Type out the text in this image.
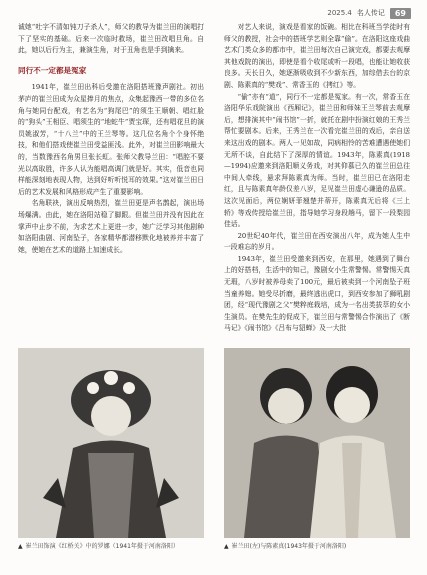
2025.4 名人传记	69

诚她“吐字不清如钝刀子杀人”，师父的教导为崔兰田的演唱打下了坚实的基础。后来一次临时救场，崔兰田改唱旦角。自此，她以后行为主，兼演生角，对于丑角也是手到擒来。

同行不一定都是冤家

1941年，崔兰田出科后受邀在洛阳搭班豫声剧社。初出茅庐的崔兰田成为众星捧月的焦点，众集起豫西一带的多位名角与她同台配戏，有艺名为“狗尾巴”的须生王顺朝、唱红脸的“狗头”王相臣、唱须生的“地蛇牛”贾宝琛，还有唱花旦的演员姚淑芳，“十八兰”中的王兰琴等。这几位名角个个身怀绝技，和他们搭戏使崔兰田受益匪浅。此外，对崔兰田影响最大的，当数豫西名角男旦张长虹。张师父教导兰田：“唱腔不要光以高取胜，许多人认为能唱高调门就是好。其实，低音也同样能深刻地表现人物，达到好听听悦耳的效果。”这对崔兰田日后的艺术发展和风格形成产生了重要影响。

名角联袂，演出反响热烈，崔兰田更是声名鹊起，演出场场爆满。由此，她在洛阳站稳了脚跟。但崔兰田并没有因此在掌声中止步不前，为求艺术上更进一步，她广泛学习其他剧种如洛阳曲剧、河南坠子，各家精华都潜移默化地被养并丰富了她，使她在艺术的道路上加速成长。

对艺人来说，演戏是看家的饭碗。相比在科班当学徒时有师父的教授，社会中的搭班学艺则全靠“偷”。在洛阳这座戏曲艺术门类众多的都市中，崔兰田每次自己演完戏，都要去观摩其他戏院的演出，即使是看个收尾或听一段唱，也能让她收获良多。天长日久，她逐渐吸收到不少新东西，加综借去台的京剧、陈素真的“樊戏”、常香玉的《拷红》等。

“偷”亦有“道”，同行不一定都是冤家。有一次，常香玉在洛阳华乐戏院演出《西厢记》，崔兰田和师妹王兰琴前去观摩后，想排演其中“闹书馆”一折，就托在剧中扮演红娘的王秀兰帮忙要剧本。后来，王秀兰在一次看完崔兰田的戏后，亲自送来这出戏的剧本。两人一见如故，同病相怜的苦难遭遇使她们无所不谈，自此结下了深厚的情谊。1943年，陈素真(1918—1994)应邀来到洛阳顺义务戏，对其仰慕已久的崔兰田总往中间人牵线，悬求拜陈素真为师。当时，崔兰田已在洛阳走红，且与陈素真年龄仅差八岁，足见崔兰田虚心谦逊的品质。这次见面后，两位娴妍菲翘楚并蒂开，陈素真无后将《三上轿》等戏传授给崔兰田，指导她学习身段趟马，留下一段梨园佳话。

20世纪40年代，崔兰田在西安演出八年，成为她人生中一段难忘的岁月。

1943年，崔兰田受邀来到西安，在那里，她遇到了舞台上的好搭档，生活中的知己，豫剧女小生常警惕。常警惕天真无瑕，八岁时被养母卖了100元，最后被卖到一个河南坠子班当童养媳。她受尽折磨，最终逃出虎口，到西安参加了狮吼剧团，经“现代豫剧之父”樊粹庭栽培，成为一名出类拔萃的女小生演员。在樊先生的促成下，崔兰田与常警惕合作演出了《断马记》《闹书馆》《吕布与貂蝉》及一大批

▲ 崔兰田饰演《红桥关》中的罗娜（1941年摄于河南洛阳）	▲ 崔兰田(左)与陈素真(1943年摄于河南洛阳)
